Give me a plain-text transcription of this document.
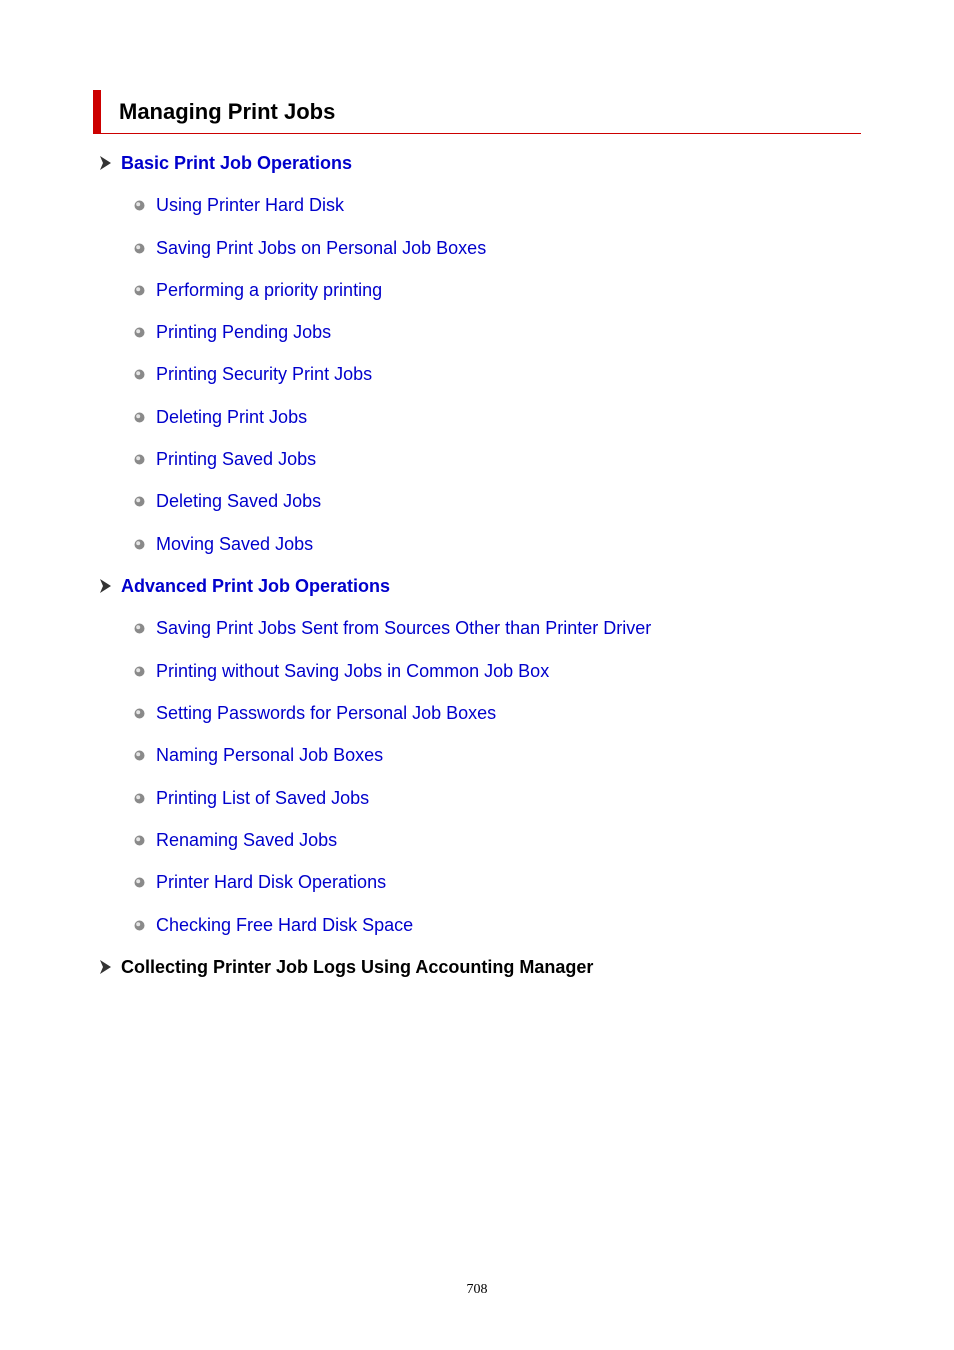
Managing Print Jobs
Basic Print Job Operations
Using Printer Hard Disk
Saving Print Jobs on Personal Job Boxes
Performing a priority printing
Printing Pending Jobs
Printing Security Print Jobs
Deleting Print Jobs
Printing Saved Jobs
Deleting Saved Jobs
Moving Saved Jobs
Advanced Print Job Operations
Saving Print Jobs Sent from Sources Other than Printer Driver
Printing without Saving Jobs in Common Job Box
Setting Passwords for Personal Job Boxes
Naming Personal Job Boxes
Printing List of Saved Jobs
Renaming Saved Jobs
Printer Hard Disk Operations
Checking Free Hard Disk Space
Collecting Printer Job Logs Using Accounting Manager
708
